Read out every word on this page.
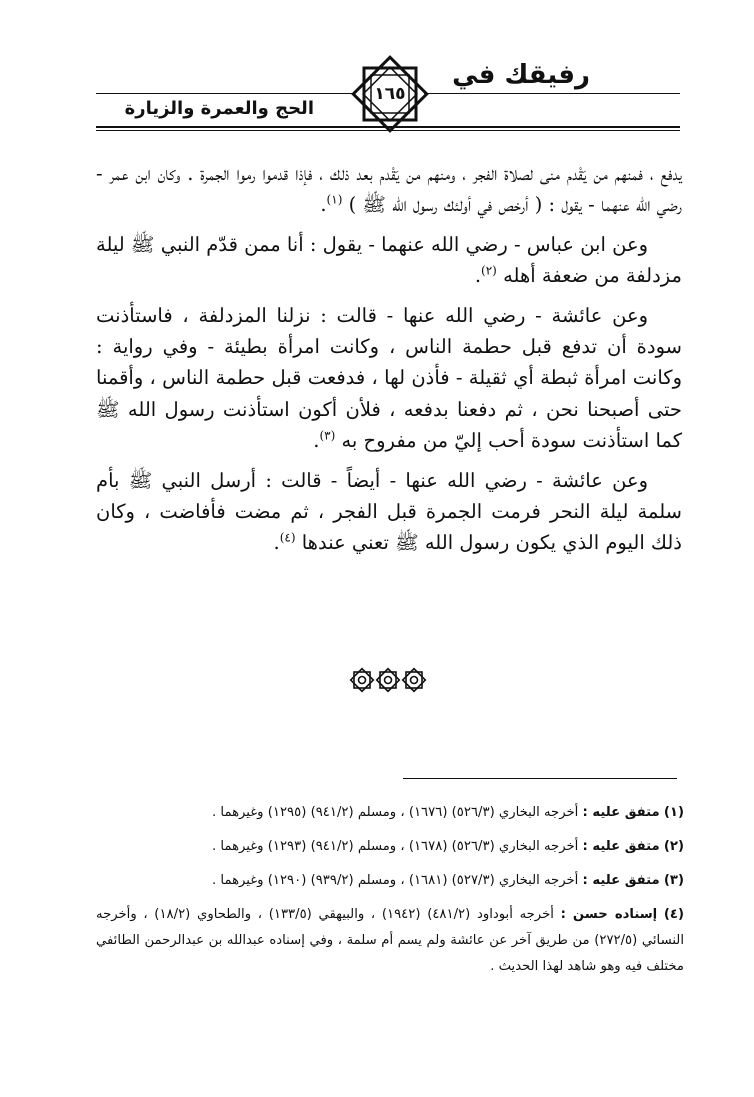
رفيقك في
الحج والعمرة والزيارة
١٦٥

يدفع ، فمنهم من يَقْدم منى لصلاة الفجر ، ومنهم من يَقْدم بعد ذلك ، فإذا قدموا رموا الجمرة . وكان ابن عمر - رضي الله عنهما - يقول : ( أرخص في أولئك رسول الله ﷺ ) $^{(١)}$.

وعن ابن عباس - رضي الله عنهما - يقول : أنا ممن قدّم النبي ﷺ ليلة مزدلفة من ضعفة أهله $^{(٢)}$.

وعن عائشة - رضي الله عنها - قالت : نزلنا المزدلفة ، فاستأذنت سودة أن تدفع قبل حطمة الناس ، وكانت امرأة بطيئة - وفي رواية : وكانت امرأة ثبطة أي ثقيلة - فأذن لها ، فدفعت قبل حطمة الناس ، وأقمنا حتى أصبحنا نحن ، ثم دفعنا بدفعه ، فلأن أكون استأذنت رسول الله ﷺ كما استأذنت سودة أحب إليّ من مفروح به $^{(٣)}$.

وعن عائشة - رضي الله عنها - أيضاً - قالت : أرسل النبي ﷺ بأم سلمة ليلة النحر فرمت الجمرة قبل الفجر ، ثم مضت فأفاضت ، وكان ذلك اليوم الذي يكون رسول الله ﷺ تعني عندها $^{(٤)}$.

(١) متفق عليه : أخرجه البخاري (٥٢٦/٣) (١٦٧٦) ، ومسلم (٩٤١/٢) (١٢٩٥) وغيرهما .

(٢) متفق عليه : أخرجه البخاري (٥٢٦/٣) (١٦٧٨) ، ومسلم (٩٤١/٢) (١٢٩٣) وغيرهما .

(٣) متفق عليه : أخرجه البخاري (٥٢٧/٣) (١٦٨١) ، ومسلم (٩٣٩/٢) (١٢٩٠) وغيرهما .

(٤) إسناده حسن : أخرجه أبوداود (٤٨١/٢) (١٩٤٢) ، والبيهقي (١٣٣/٥) ، والطحاوي (١٨/٢) ، وأخرجه النسائي (٢٧٢/٥) من طريق آخر عن عائشة ولم يسم أم سلمة ، وفي إسناده عبدالله بن عبدالرحمن الطائفي مختلف فيه وهو شاهد لهذا الحديث .
